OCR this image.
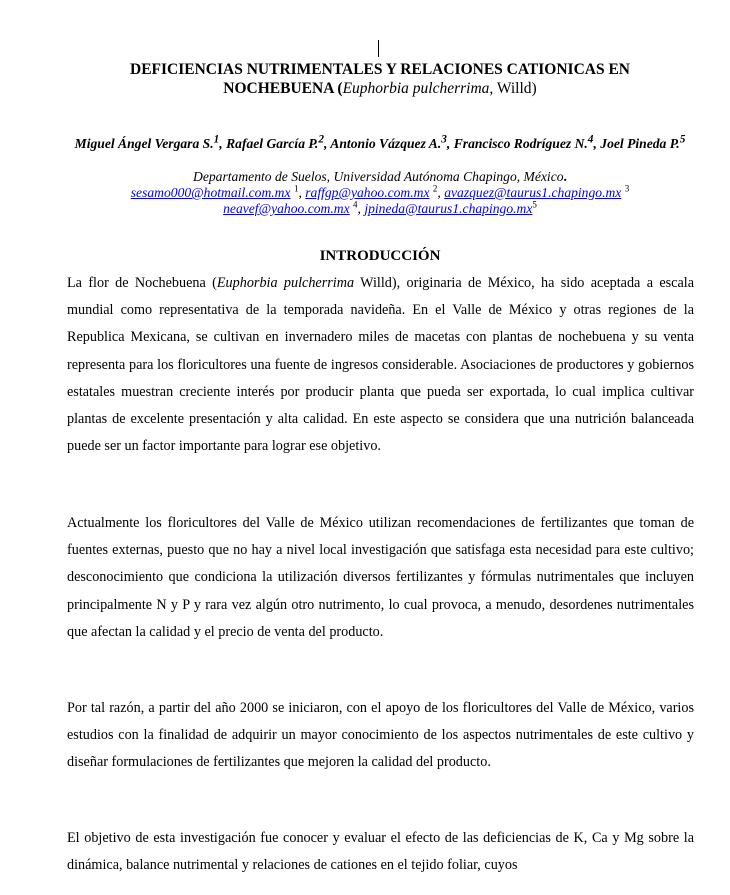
DEFICIENCIAS NUTRIMENTALES Y RELACIONES CATIONICAS EN
NOCHEBUENA (Euphorbia pulcherrima, Willd)
Miguel Ángel Vergara S.$^1$, Rafael García P.$^2$, Antonio Vázquez A.$^3$, Francisco Rodríguez N.$^4$, Joel Pineda P.$^5$
Departamento de Suelos, Universidad Autónoma Chapingo, México.
sesamo000@hotmail.com.mx $^1$, raffgp@yahoo.com.mx $^2$, avazquez@taurus1.chapingo.mx $^3$
neavef@yahoo.com.mx $^4$, $jpineda@taurus1.chapingo.mx^5$
INTRODUCCIÓN

La flor de Nochebuena (Euphorbia pulcherrima Willd), originaria de México, ha sido aceptada a escala mundial como representativa de la temporada navideña. En el Valle de México y otras regiones de la Republica Mexicana, se cultivan en invernadero miles de macetas con plantas de nochebuena y su venta representa para los floricultores una fuente de ingresos considerable. Asociaciones de productores y gobiernos estatales muestran creciente interés por producir planta que pueda ser exportada, lo cual implica cultivar plantas de excelente presentación y alta calidad. En este aspecto se considera que una nutrición balanceada puede ser un factor importante para lograr ese objetivo.

Actualmente los floricultores del Valle de México utilizan recomendaciones de fertilizantes que toman de fuentes externas, puesto que no hay a nivel local investigación que satisfaga esta necesidad para este cultivo; desconocimiento que condiciona la utilización diversos fertilizantes y fórmulas nutrimentales que incluyen principalmente N y P y rara vez algún otro nutrimento, lo cual provoca, a menudo, desordenes nutrimentales que afectan la calidad y el precio de venta del producto.

Por tal razón, a partir del año 2000 se iniciaron, con el apoyo de los floricultores del Valle de México, varios estudios con la finalidad de adquirir un mayor conocimiento de los aspectos nutrimentales de este cultivo y diseñar formulaciones de fertilizantes que mejoren la calidad del producto.

El objetivo de esta investigación fue conocer y evaluar el efecto de las deficiencias de K, Ca y Mg sobre la dinámica, balance nutrimental y relaciones de cationes en el tejido foliar, cuyos
